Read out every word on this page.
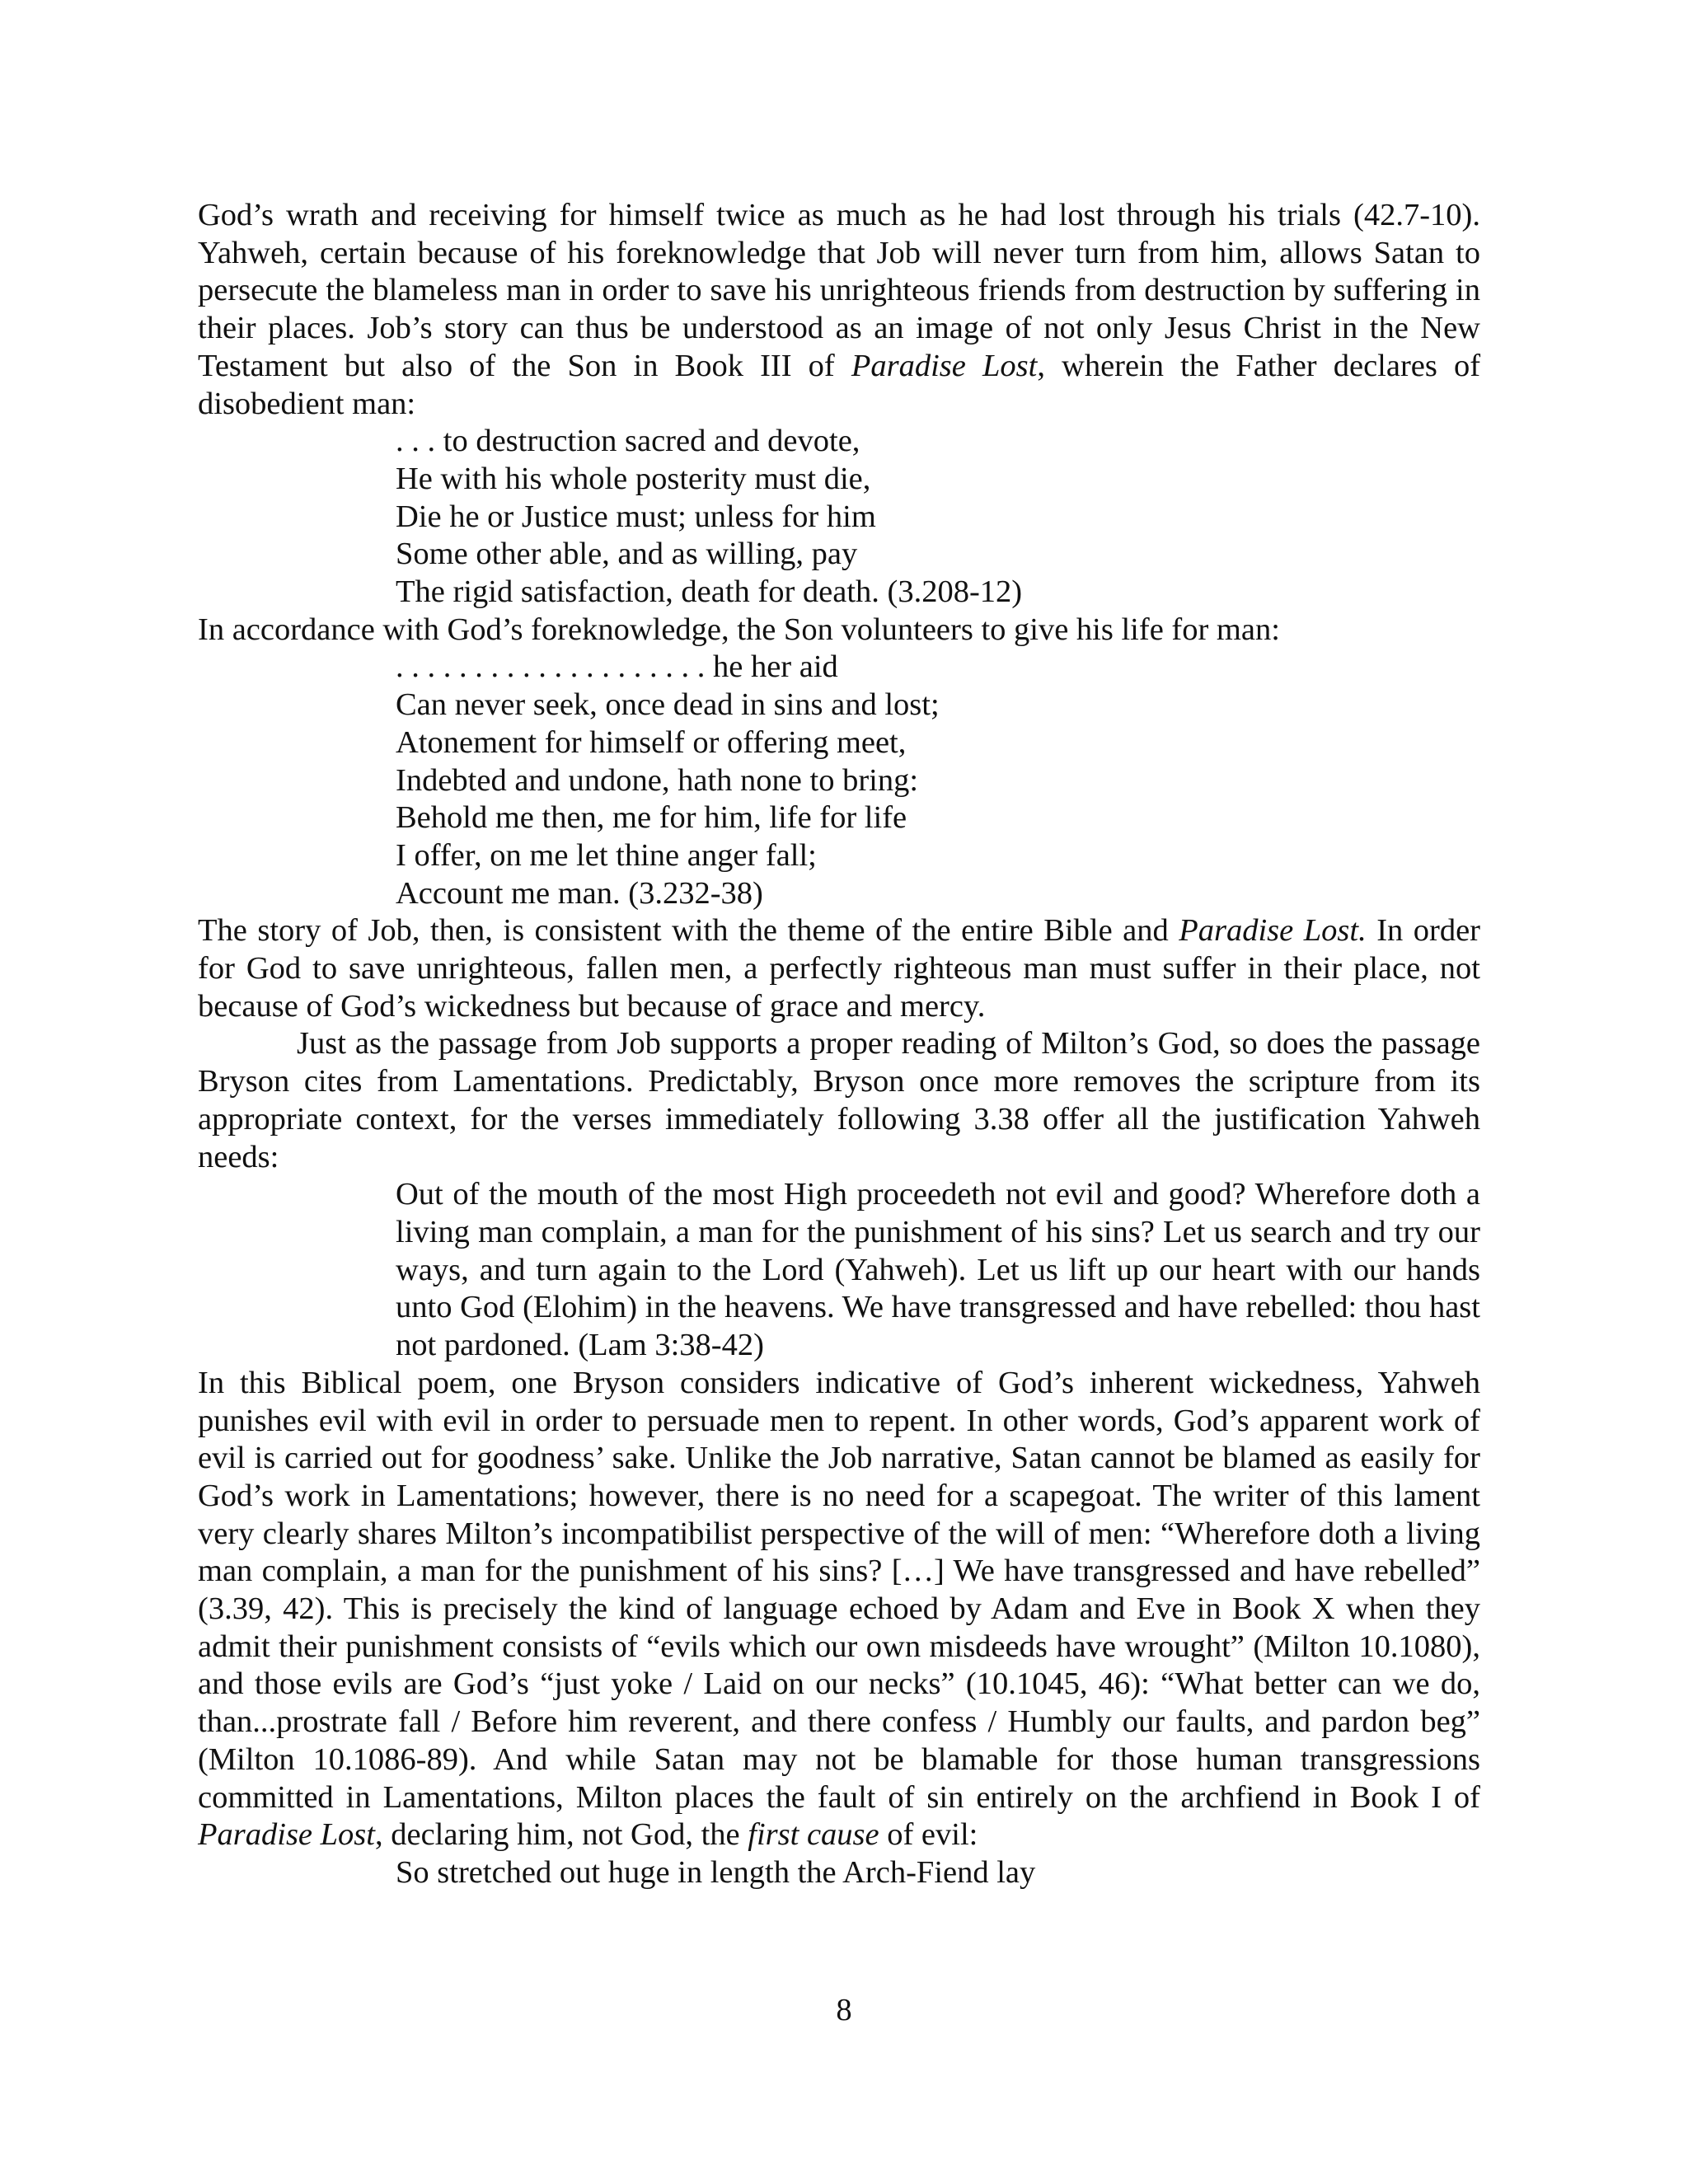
God’s wrath and receiving for himself twice as much as he had lost through his trials (42.7-10). Yahweh, certain because of his foreknowledge that Job will never turn from him, allows Satan to persecute the blameless man in order to save his unrighteous friends from destruction by suffering in their places. Job’s story can thus be understood as an image of not only Jesus Christ in the New Testament but also of the Son in Book III of Paradise Lost, wherein the Father declares of disobedient man:

. . . to destruction sacred and devote,
He with his whole posterity must die,
Die he or Justice must; unless for him
Some other able, and as willing, pay
The rigid satisfaction, death for death. (3.208-12)

In accordance with God’s foreknowledge, the Son volunteers to give his life for man:

. . . . . . . . . . . . . . . . . . . . he her aid
Can never seek, once dead in sins and lost;
Atonement for himself or offering meet,
Indebted and undone, hath none to bring:
Behold me then, me for him, life for life
I offer, on me let thine anger fall;
Account me man. (3.232-38)

The story of Job, then, is consistent with the theme of the entire Bible and Paradise Lost. In order for God to save unrighteous, fallen men, a perfectly righteous man must suffer in their place, not because of God’s wickedness but because of grace and mercy.

Just as the passage from Job supports a proper reading of Milton’s God, so does the passage Bryson cites from Lamentations. Predictably, Bryson once more removes the scripture from its appropriate context, for the verses immediately following 3.38 offer all the justification Yahweh needs:

Out of the mouth of the most High proceedeth not evil and good? Wherefore doth a living man complain, a man for the punishment of his sins? Let us search and try our ways, and turn again to the Lord (Yahweh). Let us lift up our heart with our hands unto God (Elohim) in the heavens. We have transgressed and have rebelled: thou hast not pardoned. (Lam 3:38-42)

In this Biblical poem, one Bryson considers indicative of God’s inherent wickedness, Yahweh punishes evil with evil in order to persuade men to repent. In other words, God’s apparent work of evil is carried out for goodness’ sake. Unlike the Job narrative, Satan cannot be blamed as easily for God’s work in Lamentations; however, there is no need for a scapegoat. The writer of this lament very clearly shares Milton’s incompatibilist perspective of the will of men: “Wherefore doth a living man complain, a man for the punishment of his sins? […] We have transgressed and have rebelled” (3.39, 42). This is precisely the kind of language echoed by Adam and Eve in Book X when they admit their punishment consists of “evils which our own misdeeds have wrought” (Milton 10.1080), and those evils are God’s “just yoke / Laid on our necks” (10.1045, 46): “What better can we do, than...prostrate fall / Before him reverent, and there confess / Humbly our faults, and pardon beg” (Milton 10.1086-89). And while Satan may not be blamable for those human transgressions committed in Lamentations, Milton places the fault of sin entirely on the archfiend in Book I of Paradise Lost, declaring him, not God, the first cause of evil:

So stretched out huge in length the Arch-Fiend lay
8
